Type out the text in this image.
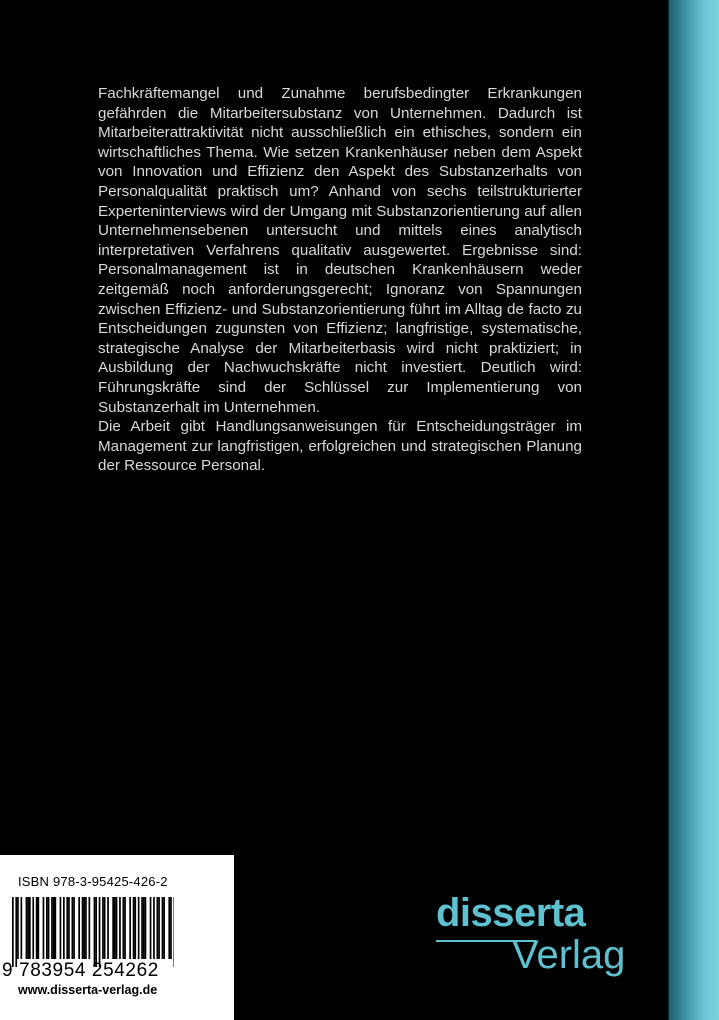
Fachkräftemangel und Zunahme berufsbedingter Erkrankungen gefährden die Mitarbeitersubstanz von Unternehmen. Dadurch ist Mitarbeiterattraktivität nicht ausschließlich ein ethisches, sondern ein wirtschaftliches Thema. Wie setzen Krankenhäuser neben dem Aspekt von Innovation und Effizienz den Aspekt des Substanzerhalts von Personalqualität praktisch um? Anhand von sechs teilstrukturierter Experteninterviews wird der Umgang mit Substanzorientierung auf allen Unternehmensebenen untersucht und mittels eines analytisch interpretativen Verfahrens qualitativ ausgewertet. Ergebnisse sind: Personalmanagement ist in deutschen Krankenhäusern weder zeitgemäß noch anforderungsgerecht; Ignoranz von Spannungen zwischen Effizienz- und Substanzorientierung führt im Alltag de facto zu Entscheidungen zugunsten von Effizienz; langfristige, systematische, strategische Analyse der Mitarbeiterbasis wird nicht praktiziert; in Ausbildung der Nachwuchskräfte nicht investiert. Deutlich wird: Führungskräfte sind der Schlüssel zur Implementierung von Substanzerhalt im Unternehmen.

Die Arbeit gibt Handlungsanweisungen für Entscheidungsträger im Management zur langfristigen, erfolgreichen und strategischen Planung der Ressource Personal.

ISBN 978-3-95425-426-2
9 783954 254262
www.disserta-verlag.de
disserta
Verlag
